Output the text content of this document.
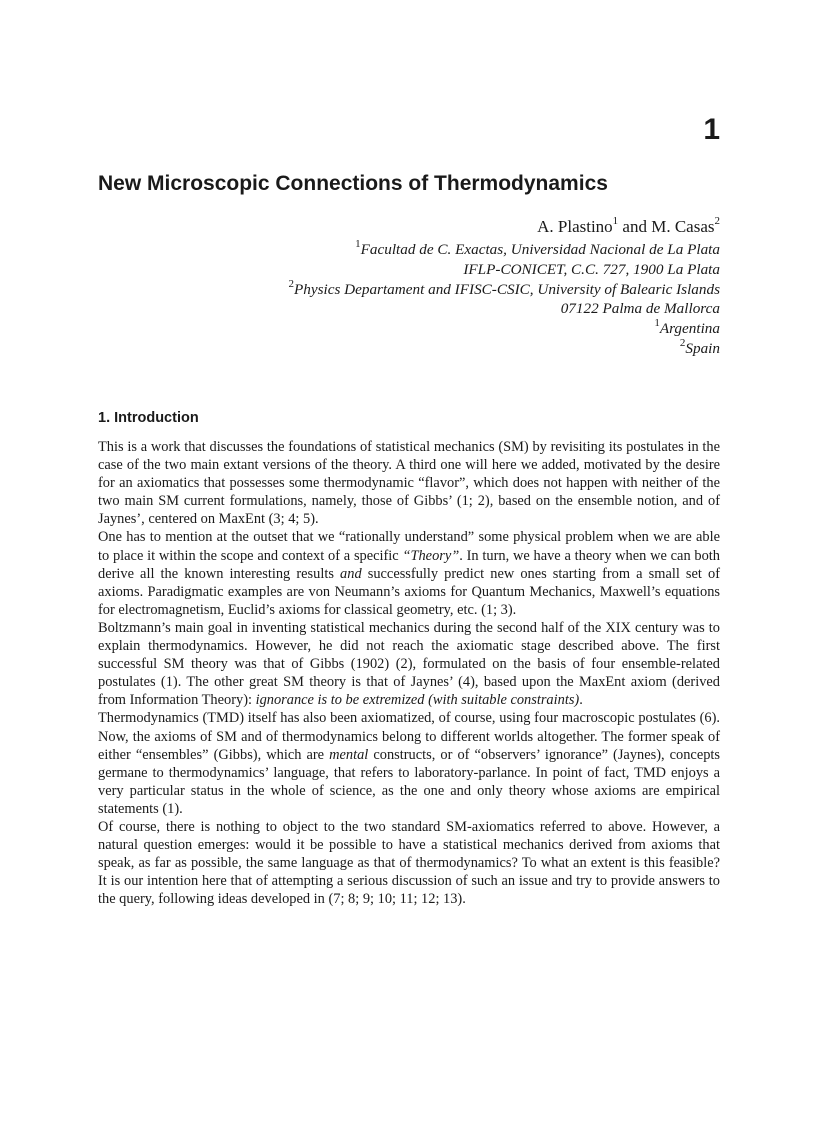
1
New Microscopic Connections of Thermodynamics

A. Plastino$^1$ and M. Casas$^2$

$^1$Facultad de C. Exactas, Universidad Nacional de La Plata

IFLP-CONICET, C.C. 727, 1900 La Plata

$^2$Physics Departament and IFISC-CSIC, University of Balearic Islands

07122 Palma de Mallorca

$^1$Argentina

$^2$Spain

1. Introduction

This is a work that discusses the foundations of statistical mechanics (SM) by revisiting its postulates in the case of the two main extant versions of the theory. A third one will here we added, motivated by the desire for an axiomatics that possesses some thermodynamic “flavor”, which does not happen with neither of the two main SM current formulations, namely, those of Gibbs’ (1; 2), based on the ensemble notion, and of Jaynes’, centered on MaxEnt (3; 4; 5).

One has to mention at the outset that we “rationally understand” some physical problem when we are able to place it within the scope and context of a specific “Theory”. In turn, we have a theory when we can both derive all the known interesting results and successfully predict new ones starting from a small set of axioms. Paradigmatic examples are von Neumann’s axioms for Quantum Mechanics, Maxwell’s equations for electromagnetism, Euclid’s axioms for classical geometry, etc. (1; 3).

Boltzmann’s main goal in inventing statistical mechanics during the second half of the XIX century was to explain thermodynamics. However, he did not reach the axiomatic stage described above. The first successful SM theory was that of Gibbs (1902) (2), formulated on the basis of four ensemble-related postulates (1). The other great SM theory is that of Jaynes’ (4), based upon the MaxEnt axiom (derived from Information Theory): ignorance is to be extremized (with suitable constraints).

Thermodynamics (TMD) itself has also been axiomatized, of course, using four macroscopic postulates (6). Now, the axioms of SM and of thermodynamics belong to different worlds altogether. The former speak of either “ensembles” (Gibbs), which are mental constructs, or of “observers’ ignorance” (Jaynes), concepts germane to thermodynamics’ language, that refers to laboratory-parlance. In point of fact, TMD enjoys a very particular status in the whole of science, as the one and only theory whose axioms are empirical statements (1).

Of course, there is nothing to object to the two standard SM-axiomatics referred to above. However, a natural question emerges: would it be possible to have a statistical mechanics derived from axioms that speak, as far as possible, the same language as that of thermodynamics? To what an extent is this feasible? It is our intention here that of attempting a serious discussion of such an issue and try to provide answers to the query, following ideas developed in (7; 8; 9; 10; 11; 12; 13).
